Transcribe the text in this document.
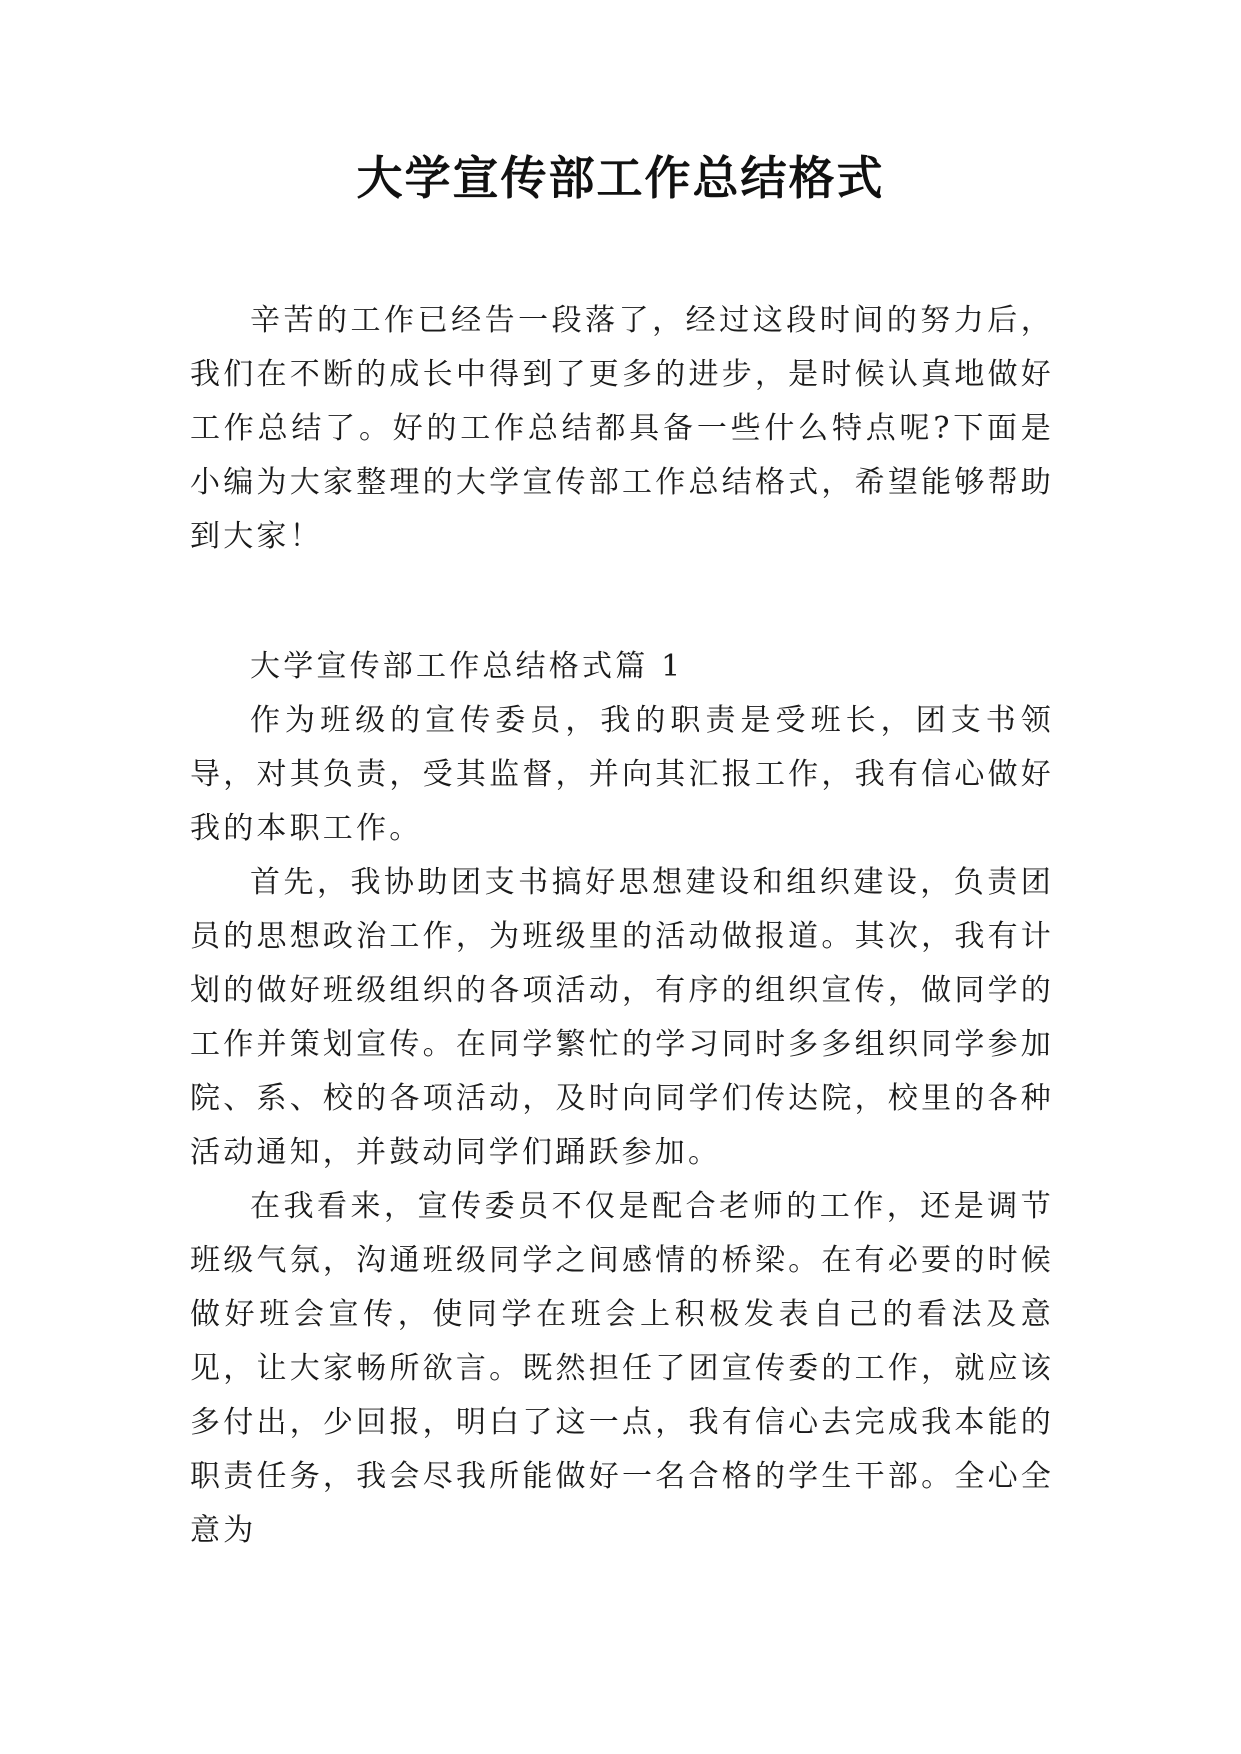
大学宣传部工作总结格式

辛苦的工作已经告一段落了，经过这段时间的努力后，我们在不断的成长中得到了更多的进步，是时候认真地做好工作总结了。好的工作总结都具备一些什么特点呢?下面是小编为大家整理的大学宣传部工作总结格式，希望能够帮助到大家！

大学宣传部工作总结格式篇 1

作为班级的宣传委员，我的职责是受班长，团支书领导，对其负责，受其监督，并向其汇报工作，我有信心做好我的本职工作。

首先，我协助团支书搞好思想建设和组织建设，负责团员的思想政治工作，为班级里的活动做报道。其次，我有计划的做好班级组织的各项活动，有序的组织宣传，做同学的工作并策划宣传。在同学繁忙的学习同时多多组织同学参加院、系、校的各项活动，及时向同学们传达院，校里的各种活动通知，并鼓动同学们踊跃参加。

在我看来，宣传委员不仅是配合老师的工作，还是调节班级气氛，沟通班级同学之间感情的桥梁。在有必要的时候做好班会宣传，使同学在班会上积极发表自己的看法及意见，让大家畅所欲言。既然担任了团宣传委的工作，就应该多付出，少回报，明白了这一点，我有信心去完成我本能的职责任务，我会尽我所能做好一名合格的学生干部。全心全意为
